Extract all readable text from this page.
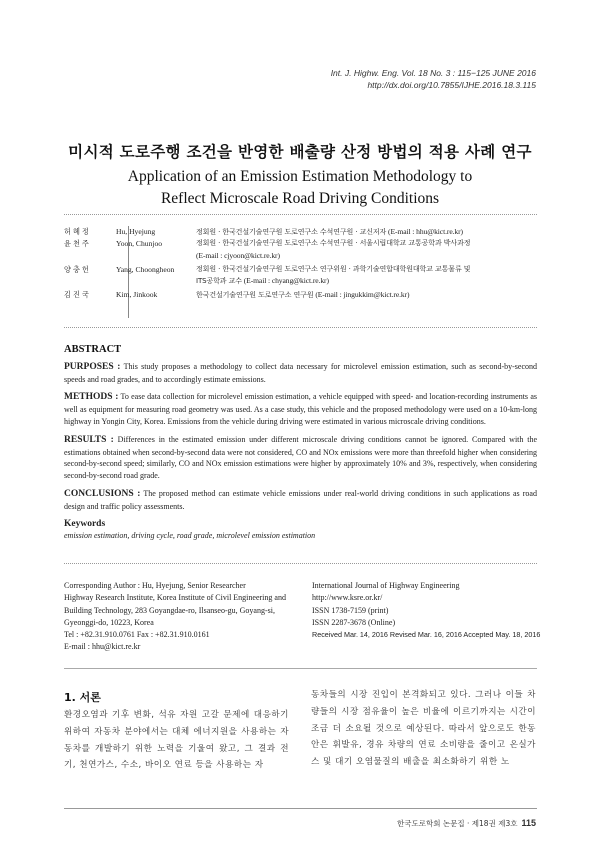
Int. J. Highw. Eng. Vol. 18 No. 3 : 115−125 JUNE 2016
http://dx.doi.org/10.7855/IJHE.2016.18.3.115
미시적 도로주행 조건을 반영한 배출량 산정 방법의 적용 사례 연구
Application of an Emission Estimation Methodology to
Reflect Microscale Road Driving Conditions
허혜정	Hu, Hyejung	정회원 · 한국건설기술연구원 도로연구소 수석연구원 · 교신저자 (E-mail : hhu@kict.re.kr)
윤천주	Yoon, Chunjoo	정회원 · 한국건설기술연구원 도로연구소 수석연구원 · 서울시립대학교 교통공학과 박사과정
(E-mail : cjyoon@kict.re.kr)
양충헌	Yang, Choongheon	정회원 · 한국건설기술연구원 도로연구소 연구위원 · 과학기술연합대학원대학교 교통물류 및
ITS공학과 교수 (E-mail : chyang@kict.re.kr)
김진국	Kim, Jinkook	한국건설기술연구원 도로연구소 연구원 (E-mail : jingukkim@kict.re.kr)
ABSTRACT

PURPOSES : This study proposes a methodology to collect data necessary for microlevel emission estimation, such as second-by-second speeds and road grades, and to accordingly estimate emissions.

METHODS : To ease data collection for microlevel emission estimation, a vehicle equipped with speed- and location-recording instruments as well as equipment for measuring road geometry was used. As a case study, this vehicle and the proposed methodology were used on a 10-km-long highway in Yongin City, Korea. Emissions from the vehicle during driving were estimated in various microscale driving conditions.

RESULTS : Differences in the estimated emission under different microscale driving conditions cannot be ignored. Compared with the estimations obtained when second-by-second data were not considered, CO and NOx emissions were more than threefold higher when considering second-by-second speed; similarly, CO and NOx emission estimations were higher by approximately 10% and 3%, respectively, when considering second-by-second road grade.

CONCLUSIONS : The proposed method can estimate vehicle emissions under real-world driving conditions in such applications as road design and traffic policy assessments.

Keywords
emission estimation, driving cycle, road grade, microlevel emission estimation
Corresponding Author : Hu, Hyejung, Senior Researcher
Highway Research Institute, Korea Institute of Civil Engineering and
Building Technology, 283 Goyangdae-ro, Ilsanseo-gu, Goyang-si,
Gyeonggi-do, 10223, Korea
Tel : +82.31.910.0761 Fax : +82.31.910.0161
E-mail : hhu@kict.re.kr
International Journal of Highway Engineering
http://www.ksre.or.kr/
ISSN 1738-7159 (print)
ISSN 2287-3678 (Online)
Received Mar. 14, 2016 Revised Mar. 16, 2016 Accepted May. 18, 2016
1. 서론
환경오염과 기후 변화, 석유 자원 고갈 문제에 대응하기 위하여 자동차 분야에서는 대체 에너지원을 사용하는 자동차를 개발하기 위한 노력을 기울여 왔고, 그 결과 전기, 천연가스, 수소, 바이오 연료 등을 사용하는 자
동차들의 시장 진입이 본격화되고 있다. 그러나 이들 차량들의 시장 점유율이 높은 비율에 이르기까지는 시간이 조금 더 소요될 것으로 예상된다. 따라서 앞으로도 한동안은 휘발유, 경유 차량의 연료 소비량을 줄이고 온실가스 및 대기 오염물질의 배출을 최소화하기 위한 노
한국도로학회 논문집 · 제18권 제3호 115
